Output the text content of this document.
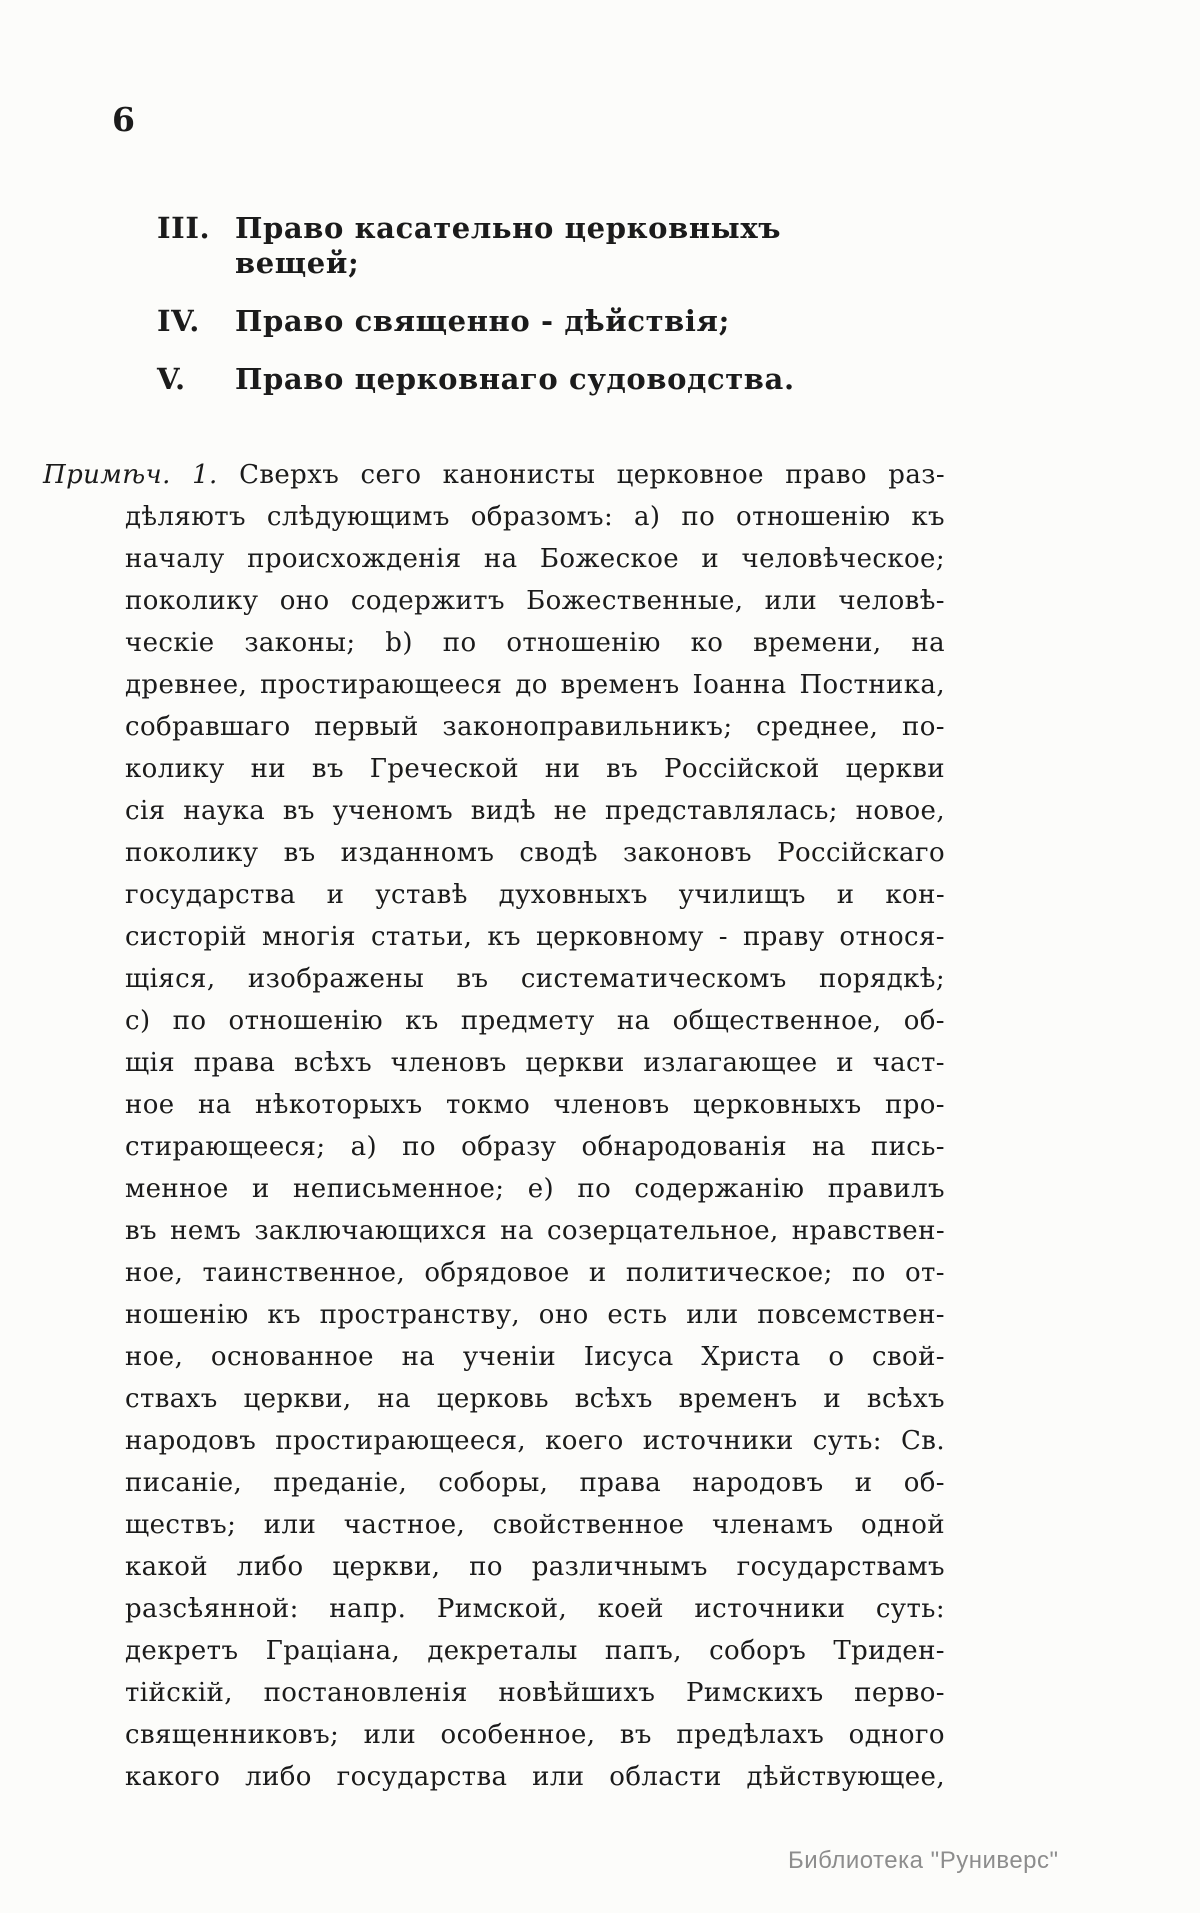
6
III. Право касательно церковныхъ вещей;
IV.	Право священно - дѣйствія;
V.	Право церковнаго судоводства.
Примѣч. 1. Сверхъ сего канонисты церковное право раз-
дѣляютъ слѣдующимъ образомъ: а) по отношенію къ
началу происхожденія на Божеское и человѣческое;
поколику оно содержитъ Божественные, или человѣ-
ческіе законы; b) по отношенію ко времени, на
древнее, простирающееся до временъ Іоанна Постника,
собравшаго первый законоправильникъ; среднее, по-
колику ни въ Греческой ни въ Россійской церкви
сія наука въ ученомъ видѣ не представлялась; новое,
поколику въ изданномъ сводѣ законовъ Россійскаго
государства и уставѣ духовныхъ училищъ и кон-
систорій многія статьи, къ церковному - праву относя-
щіяся, изображены въ систематическомъ порядкѣ;
с) по отношенію къ предмету на общественное, об-
щія права всѣхъ членовъ церкви излагающее и част-
ное на нѣкоторыхъ токмо членовъ церковныхъ про-
стирающееся; а) по образу обнародованія на пись-
менное и неписьменное; е) по содержанію правилъ
въ немъ заключающихся на созерцательное, нравствен-
ное, таинственное, обрядовое и политическое; по от-
ношенію къ пространству, оно есть или повсемствен-
ное, основанное на ученіи Іисуса Христа о свой-
ствахъ церкви, на церковь всѣхъ временъ и всѣхъ
народовъ простирающееся, коего источники суть: Св.
писаніе, преданіе, соборы, права народовъ и об-
ществъ; или частное, свойственное членамъ одной
какой либо церкви, по различнымъ государствамъ
разсѣянной: напр. Римской, коей источники суть:
декретъ Граціана, декреталы папъ, соборъ Триден-
тійскій, постановленія новѣйшихъ Римскихъ перво-
священниковъ; или особенное, въ предѣлахъ одного
какого либо государства или области дѣйствующее,
Библиотека "Руниверс"
